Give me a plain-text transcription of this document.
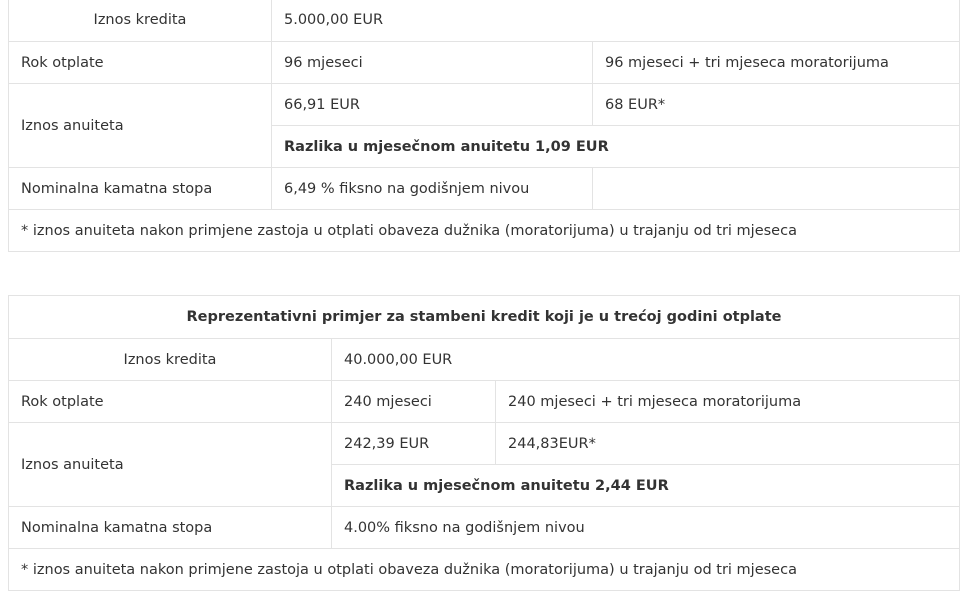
Iznos kredita	5.000,00 EUR	
Rok otplate	96 mjeseci	96 mjeseci + tri mjeseca moratorijuma
Iznos anuiteta	66,91 EUR	68 EUR*
	Razlika u mjesečnom anuitetu 1,09 EUR	
Nominalna kamatna stopa	6,49 % fiksno na godišnjem nivou	
* iznos anuiteta nakon primjene zastoja u otplati obaveza dužnika (moratorijuma) u trajanju od tri mjeseca		
Reprezentativni primjer za stambeni kredit koji je u trećoj godini otplate		
Iznos kredita	40.000,00 EUR	
Rok otplate	240 mjeseci	240 mjeseci + tri mjeseca moratorijuma
Iznos anuiteta	242,39 EUR	244,83EUR*
	Razlika u mjesečnom anuitetu 2,44 EUR	
Nominalna kamatna stopa	4.00% fiksno na godišnjem nivou	
* iznos anuiteta nakon primjene zastoja u otplati obaveza dužnika (moratorijuma) u trajanju od tri mjeseca		
